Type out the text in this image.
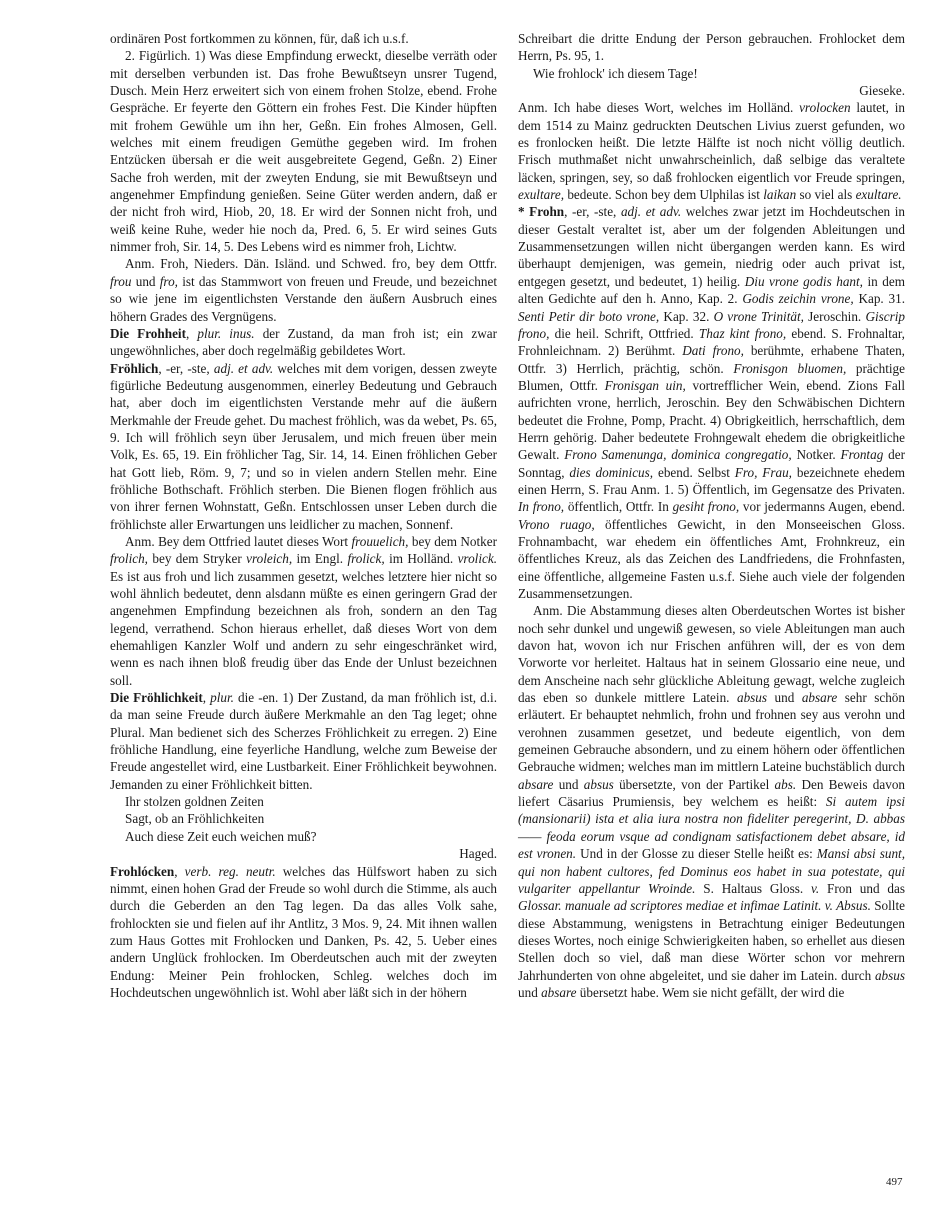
ordinären Post fortkommen zu können, für, daß ich u.s.f.

2. Figürlich. 1) Was diese Empfindung erweckt, dieselbe verräth oder mit derselben verbunden ist. Das frohe Bewußtseyn unsrer Tugend, Dusch. Mein Herz erweitert sich von einem frohen Stolze, ebend. Frohe Gespräche. Er feyerte den Göttern ein frohes Fest. Die Kinder hüpften mit frohem Gewühle um ihn her, Geßn. Ein frohes Almosen, Gell. welches mit einem freudigen Gemüthe gegeben wird. Im frohen Entzücken übersah er die weit ausgebreitete Gegend, Geßn. 2) Einer Sache froh werden, mit der zweyten Endung, sie mit Bewußtseyn und angenehmer Empfindung genießen. Seine Güter werden andern, daß er der nicht froh wird, Hiob, 20, 18. Er wird der Sonnen nicht froh, und weiß keine Ruhe, weder hie noch da, Pred. 6, 5. Er wird seines Guts nimmer froh, Sir. 14, 5. Des Lebens wird es nimmer froh, Lichtw.

Anm. Froh, Nieders. Dän. Isländ. und Schwed. fro, bey dem Ottfr. frou und fro, ist das Stammwort von freuen und Freude, und bezeichnet so wie jene im eigentlichsten Verstande den äußern Ausbruch eines höhern Grades des Vergnügens.

Die Frohheit, plur. inus. der Zustand, da man froh ist; ein zwar ungewöhnliches, aber doch regelmäßig gebildetes Wort.

Fröhlich, -er, -ste, adj. et adv. welches mit dem vorigen, dessen zweyte figürliche Bedeutung ausgenommen, einerley Bedeutung und Gebrauch hat, aber doch im eigentlichsten Verstande mehr auf die äußern Merkmahle der Freude gehet. Du machest fröhlich, was da webet, Ps. 65, 9. Ich will fröhlich seyn über Jerusalem, und mich freuen über mein Volk, Es. 65, 19. Ein fröhlicher Tag, Sir. 14, 14. Einen fröhlichen Geber hat Gott lieb, Röm. 9, 7; und so in vielen andern Stellen mehr. Eine fröhliche Bothschaft. Fröhlich sterben. Die Bienen flogen fröhlich aus von ihrer fernen Wohnstatt, Geßn. Entschlossen unser Leben durch die fröhlichste aller Erwartungen uns leidlicher zu machen, Sonnenf.

Anm. Bey dem Ottfried lautet dieses Wort frouuelich, bey dem Notker frolich, bey dem Stryker vroleich, im Engl. frolick, im Holländ. vrolick. Es ist aus froh und lich zusammen gesetzt, welches letztere hier nicht so wohl ähnlich bedeutet, denn alsdann müßte es einen geringern Grad der angenehmen Empfindung bezeichnen als froh, sondern an den Tag legend, verrathend. Schon hieraus erhellet, daß dieses Wort von dem ehemahligen Kanzler Wolf und andern zu sehr eingeschränket wird, wenn es nach ihnen bloß freudig über das Ende der Unlust bezeichnen soll.

Die Fröhlichkeit, plur. die -en. 1) Der Zustand, da man fröhlich ist, d.i. da man seine Freude durch äußere Merkmahle an den Tag leget; ohne Plural. Man bedienet sich des Scherzes Fröhlichkeit zu erregen. 2) Eine fröhliche Handlung, eine feyerliche Handlung, welche zum Beweise der Freude angestellet wird, eine Lustbarkeit. Einer Fröhlichkeit beywohnen. Jemanden zu einer Fröhlichkeit bitten.

Ihr stolzen goldnen Zeiten

Sagt, ob an Fröhlichkeiten

Auch diese Zeit euch weichen muß?

Haged.

Frohlócken, verb. reg. neutr. welches das Hülfswort haben zu sich nimmt, einen hohen Grad der Freude so wohl durch die Stimme, als auch durch die Geberden an den Tag legen. Da das alles Volk sahe, frohlockten sie und fielen auf ihr Antlitz, 3 Mos. 9, 24. Mit ihnen wallen zum Haus Gottes mit Frohlocken und Danken, Ps. 42, 5. Ueber eines andern Unglück frohlocken. Im Oberdeutschen auch mit der zweyten Endung: Meiner Pein frohlocken, Schleg. welches doch im Hochdeutschen ungewöhnlich ist. Wohl aber läßt sich in der höhern

Schreibart die dritte Endung der Person gebrauchen. Frohlocket dem Herrn, Ps. 95, 1.

Wie frohlock' ich diesem Tage!

Gieseke.

Anm. Ich habe dieses Wort, welches im Holländ. vrolocken lautet, in dem 1514 zu Mainz gedruckten Deutschen Livius zuerst gefunden, wo es fronlocken heißt. Die letzte Hälfte ist noch nicht völlig deutlich. Frisch muthmaßet nicht unwahrscheinlich, daß selbige das veraltete läcken, springen, sey, so daß frohlocken eigentlich vor Freude springen, exultare, bedeute. Schon bey dem Ulphilas ist laikan so viel als exultare.

* Frohn, -er, -ste, adj. et adv. welches zwar jetzt im Hochdeutschen in dieser Gestalt veraltet ist, aber um der folgenden Ableitungen und Zusammensetzungen willen nicht übergangen werden kann. Es wird überhaupt demjenigen, was gemein, niedrig oder auch privat ist, entgegen gesetzt, und bedeutet, 1) heilig. Diu vrone godis hant, in dem alten Gedichte auf den h. Anno, Kap. 2. Godis zeichin vrone, Kap. 31. Senti Petir dir boto vrone, Kap. 32. O vrone Trinität, Jeroschin. Giscrip frono, die heil. Schrift, Ottfried. Thaz kint frono, ebend. S. Frohnaltar, Frohnleichnam. 2) Berühmt. Dati frono, berühmte, erhabene Thaten, Ottfr. 3) Herrlich, prächtig, schön. Fronisgon bluomen, prächtige Blumen, Ottfr. Fronisgan uin, vortrefflicher Wein, ebend. Zions Fall aufrichten vrone, herrlich, Jeroschin. Bey den Schwäbischen Dichtern bedeutet die Frohne, Pomp, Pracht. 4) Obrigkeitlich, herrschaftlich, dem Herrn gehörig. Daher bedeutete Frohngewalt ehedem die obrigkeitliche Gewalt. Frono Samenunga, dominica congregatio, Notker. Frontag der Sonntag, dies dominicus, ebend. Selbst Fro, Frau, bezeichnete ehedem einen Herrn, S. Frau Anm. 1. 5) Öffentlich, im Gegensatze des Privaten. In frono, öffentlich, Ottfr. In gesiht frono, vor jedermanns Augen, ebend. Vrono ruago, öffentliches Gewicht, in den Monseeischen Gloss. Frohnambacht, war ehedem ein öffentliches Amt, Frohnkreuz, ein öffentliches Kreuz, als das Zeichen des Landfriedens, die Frohnfasten, eine öffentliche, allgemeine Fasten u.s.f. Siehe auch viele der folgenden Zusammensetzungen.

Anm. Die Abstammung dieses alten Oberdeutschen Wortes ist bisher noch sehr dunkel und ungewiß gewesen, so viele Ableitungen man auch davon hat, wovon ich nur Frischen anführen will, der es von dem Vorworte vor herleitet. Haltaus hat in seinem Glossario eine neue, und dem Anscheine nach sehr glückliche Ableitung gewagt, welche zugleich das eben so dunkele mittlere Latein. absus und absare sehr schön erläutert. Er behauptet nehmlich, frohn und frohnen sey aus verohn und verohnen zusammen gesetzet, und bedeute eigentlich, von dem gemeinen Gebrauche absondern, und zu einem höhern oder öffentlichen Gebrauche widmen; welches man im mittlern Lateine buchstäblich durch absare und absus übersetzte, von der Partikel abs. Den Beweis davon liefert Cäsarius Prumiensis, bey welchem es heißt: Si autem ipsi (mansionarii) ista et alia iura nostra non fideliter peregerint, D. abbas—— feoda eorum vsque ad condignam satisfactionem debet absare, id est vronen. Und in der Glosse zu dieser Stelle heißt es: Mansi absi sunt, qui non habent cultores, fed Dominus eos habet in sua potestate, qui vulgariter appellantur Wroinde. S. Haltaus Gloss. v. Fron und das Glossar. manuale ad scriptores mediae et infimae Latinit. v. Absus. Sollte diese Abstammung, wenigstens in Betrachtung einiger Bedeutungen dieses Wortes, noch einige Schwierigkeiten haben, so erhellet aus diesen Stellen doch so viel, daß man diese Wörter schon vor mehrern Jahrhunderten von ohne abgeleitet, und sie daher im Latein. durch absus und absare übersetzt habe. Wem sie nicht gefällt, der wird die

497
